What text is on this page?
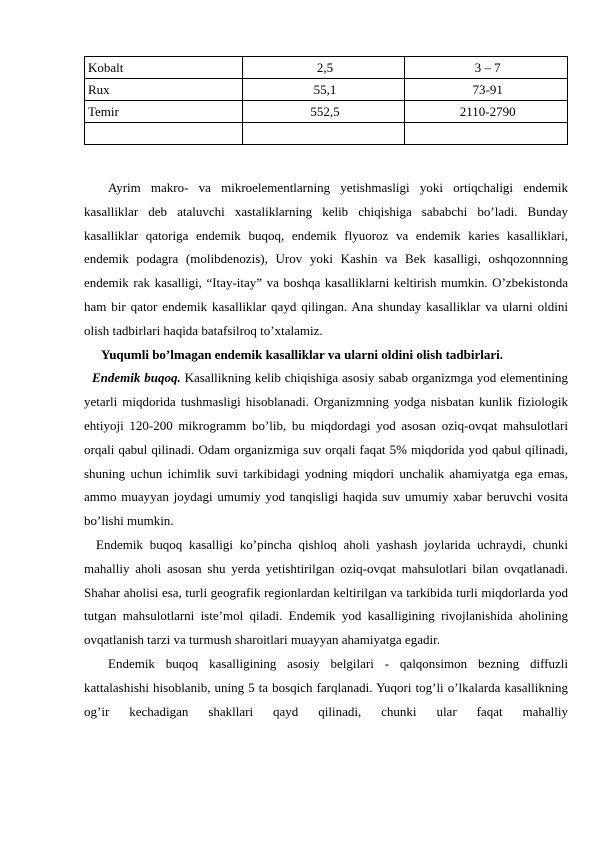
Kobalt	2,5	3 – 7
Rux	55,1	73-91
Temir	552,5	2110-2790

Ayrim makro- va mikroelementlarning yetishmasligi yoki ortiqchaligi endemik kasalliklar deb ataluvchi xastaliklarning kelib chiqishiga sababchi bo’ladi. Bunday kasalliklar qatoriga endemik buqoq, endemik flyuoroz va endemik karies kasalliklari, endemik podagra (molibdenozis), Urov yoki Kashin va Bek kasalligi, oshqozonnning endemik rak kasalligi, “Itay-itay” va boshqa kasalliklarni keltirish mumkin. O’zbekistonda ham bir qator endemik kasalliklar qayd qilingan. Ana shunday kasalliklar va ularni oldini olish tadbirlari haqida batafsilroq to’xtalamiz.

Yuqumli bo’lmagan endemik kasalliklar va ularni oldini olish tadbirlari.

Endemik buqoq. Kasallikning kelib chiqishiga asosiy sabab organizmga yod elementining yetarli miqdorida tushmasligi hisoblanadi. Organizmning yodga nisbatan kunlik fiziologik ehtiyoji 120-200 mikrogramm bo’lib, bu miqdordagi yod asosan oziq-ovqat mahsulotlari orqali qabul qilinadi. Odam organizmiga suv orqali faqat 5% miqdorida yod qabul qilinadi, shuning uchun ichimlik suvi tarkibidagi yodning miqdori unchalik ahamiyatga ega emas, ammo muayyan joydagi umumiy yod tanqisligi haqida suv umumiy xabar beruvchi vosita bo’lishi mumkin.

Endemik buqoq kasalligi ko’pincha qishloq aholi yashash joylarida uchraydi, chunki mahalliy aholi asosan shu yerda yetishtirilgan oziq-ovqat mahsulotlari bilan ovqatlanadi. Shahar aholisi esa, turli geografik regionlardan keltirilgan va tarkibida turli miqdorlarda yod tutgan mahsulotlarni iste’mol qiladi. Endemik yod kasalligining rivojlanishida aholining ovqatlanish tarzi va turmush sharoitlari muayyan ahamiyatga egadir.

Endemik buqoq kasalligining asosiy belgilari - qalqonsimon bezning diffuzli kattalashishi hisoblanib, uning 5 ta bosqich farqlanadi. Yuqori tog’li o’lkalarda kasallikning og’ir kechadigan shakllari qayd qilinadi, chunki ular faqat mahalliy
